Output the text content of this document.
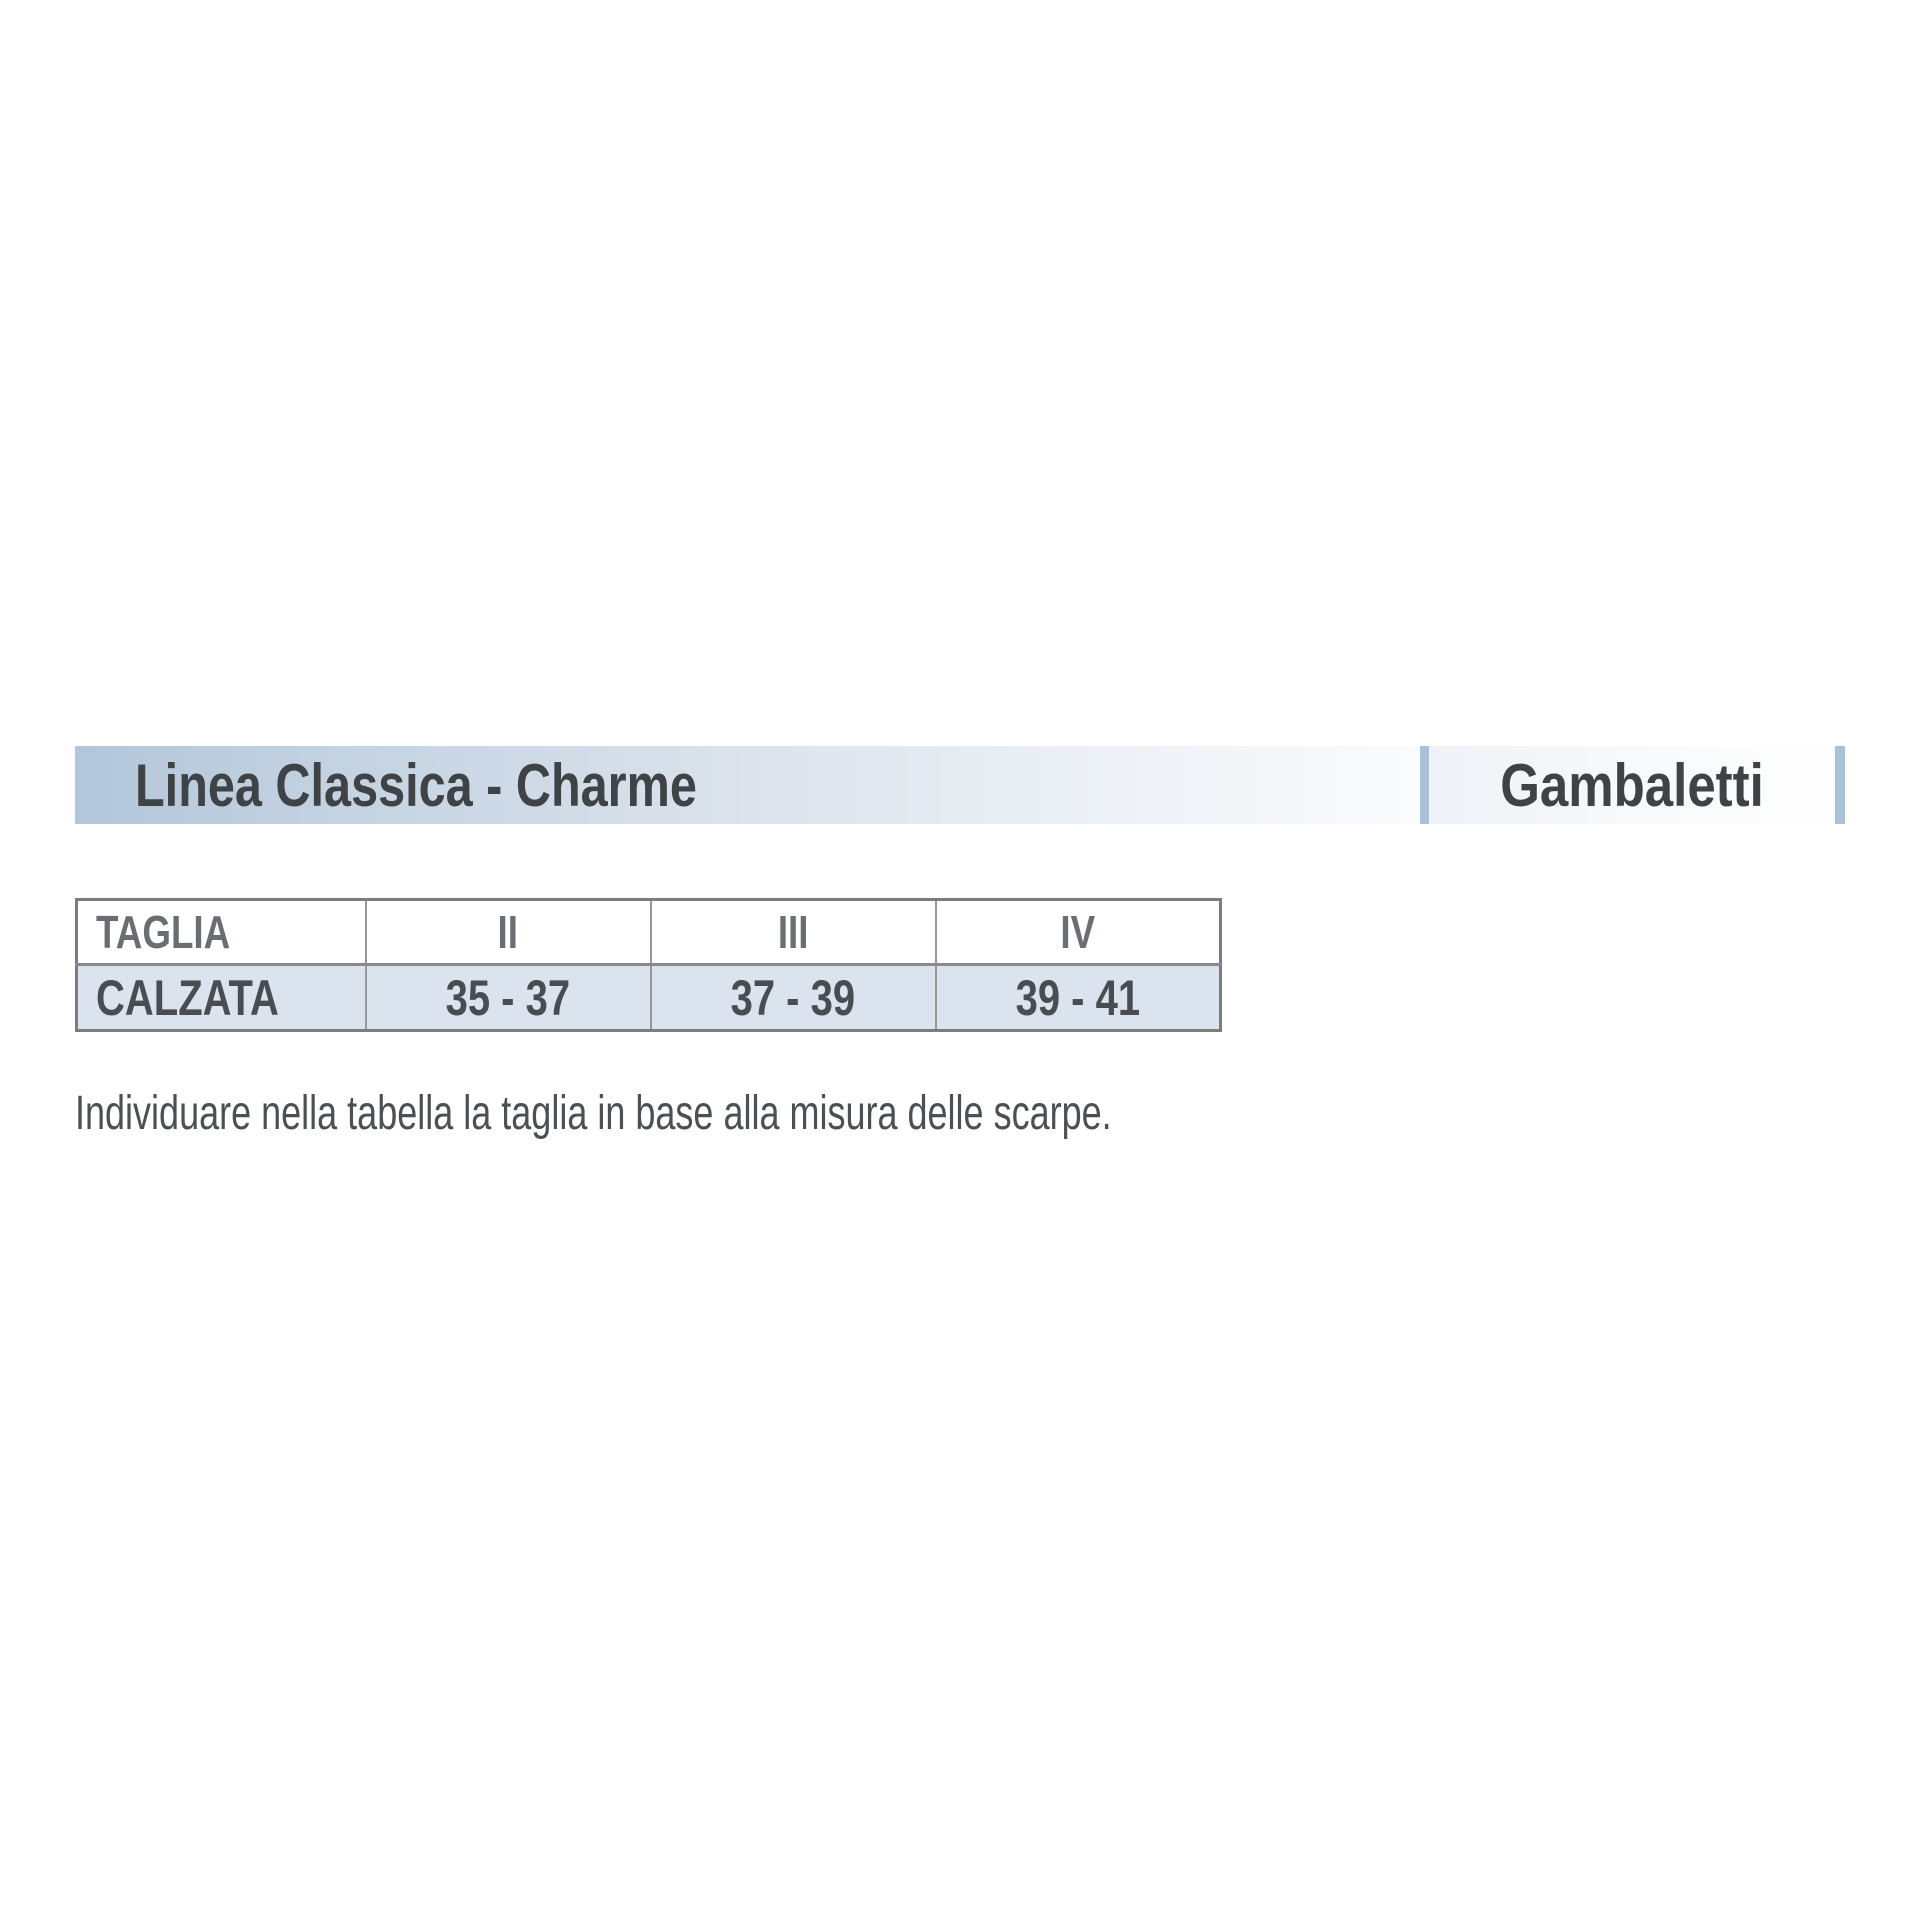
Linea Classica - Charme	Gambaletti
TAGLIA	II	III	IV
CALZATA	35 - 37	37 - 39	39 - 41

Individuare nella tabella la taglia in base alla misura delle scarpe.
